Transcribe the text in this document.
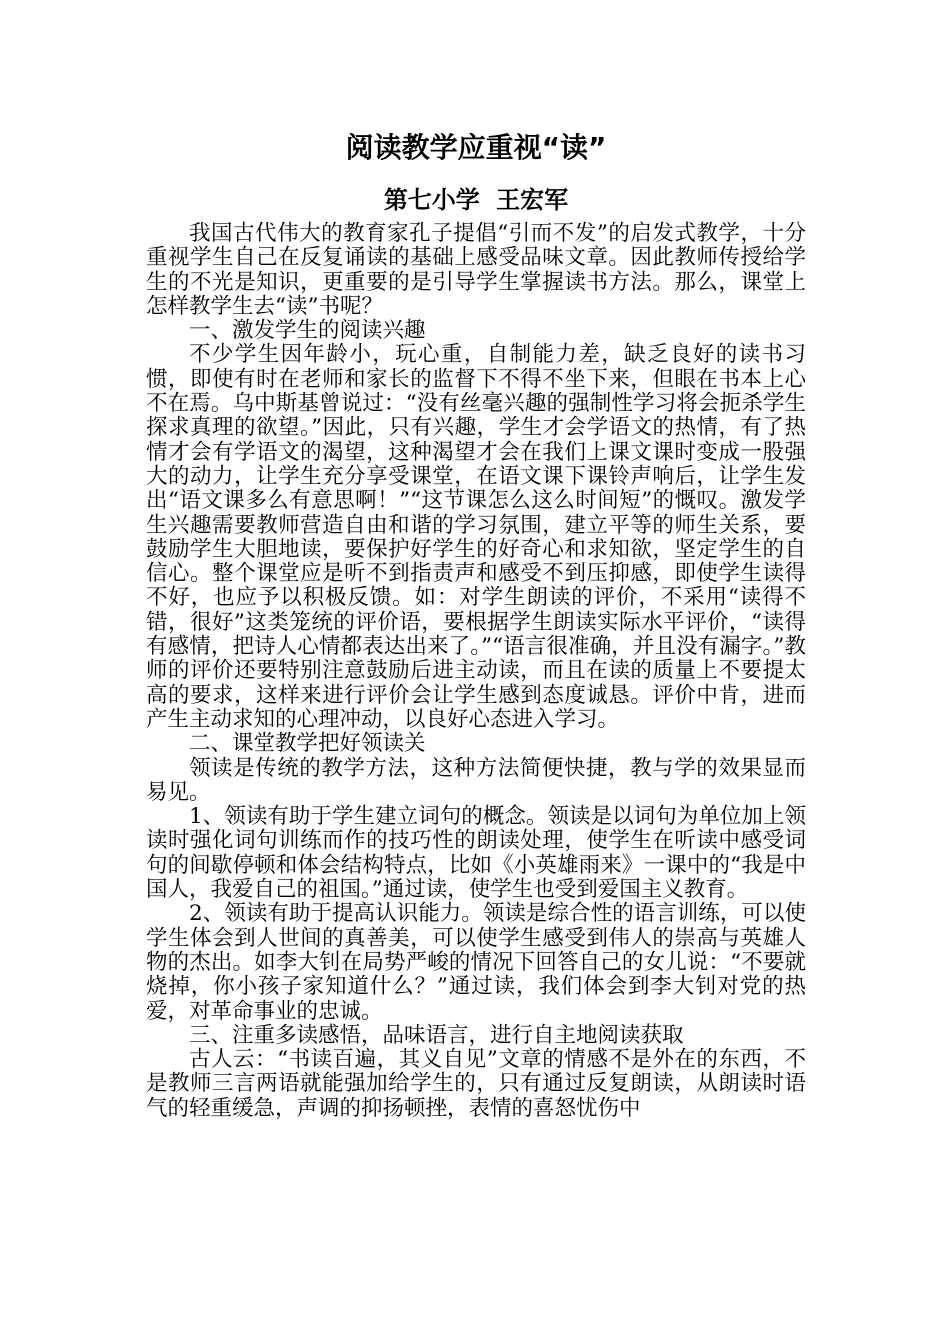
阅读教学应重视“读”
第七小学 王宏军

我国古代伟大的教育家孔子提倡“引而不发”的启发式教学，十分重视学生自己在反复诵读的基础上感受品味文章。因此教师传授给学生的不光是知识，更重要的是引导学生掌握读书方法。那么，课堂上怎样教学生去“读”书呢？

一、激发学生的阅读兴趣

不少学生因年龄小，玩心重，自制能力差，缺乏良好的读书习惯，即使有时在老师和家长的监督下不得不坐下来，但眼在书本上心不在焉。乌中斯基曾说过：“没有丝毫兴趣的强制性学习将会扼杀学生探求真理的欲望。”因此，只有兴趣，学生才会学语文的热情，有了热情才会有学语文的渴望，这种渴望才会在我们上课文课时变成一股强大的动力，让学生充分享受课堂，在语文课下课铃声响后，让学生发出“语文课多么有意思啊！”“这节课怎么这么时间短”的慨叹。激发学生兴趣需要教师营造自由和谐的学习氛围，建立平等的师生关系，要鼓励学生大胆地读，要保护好学生的好奇心和求知欲，坚定学生的自信心。整个课堂应是听不到指责声和感受不到压抑感，即使学生读得不好，也应予以积极反馈。如：对学生朗读的评价，不采用“读得不错，很好”这类笼统的评价语，要根据学生朗读实际水平评价，“读得有感情，把诗人心情都表达出来了。”“语言很准确，并且没有漏字。”教师的评价还要特别注意鼓励后进主动读，而且在读的质量上不要提太高的要求，这样来进行评价会让学生感到态度诚恳。评价中肯，进而产生主动求知的心理冲动，以良好心态进入学习。

二、课堂教学把好领读关

领读是传统的教学方法，这种方法简便快捷，教与学的效果显而易见。

1、领读有助于学生建立词句的概念。领读是以词句为单位加上领读时强化词句训练而作的技巧性的朗读处理，使学生在听读中感受词句的间歇停顿和体会结构特点，比如《小英雄雨来》一课中的“我是中国人，我爱自己的祖国。”通过读，使学生也受到爱国主义教育。

2、领读有助于提高认识能力。领读是综合性的语言训练，可以使学生体会到人世间的真善美，可以使学生感受到伟人的崇高与英雄人物的杰出。如李大钊在局势严峻的情况下回答自己的女儿说：“不要就烧掉，你小孩子家知道什么？”通过读，我们体会到李大钊对党的热爱，对革命事业的忠诚。

三、注重多读感悟，品味语言，进行自主地阅读获取

古人云：“书读百遍，其义自见”文章的情感不是外在的东西，不是教师三言两语就能强加给学生的，只有通过反复朗读，从朗读时语气的轻重缓急，声调的抑扬顿挫，表情的喜怒忧伤中
